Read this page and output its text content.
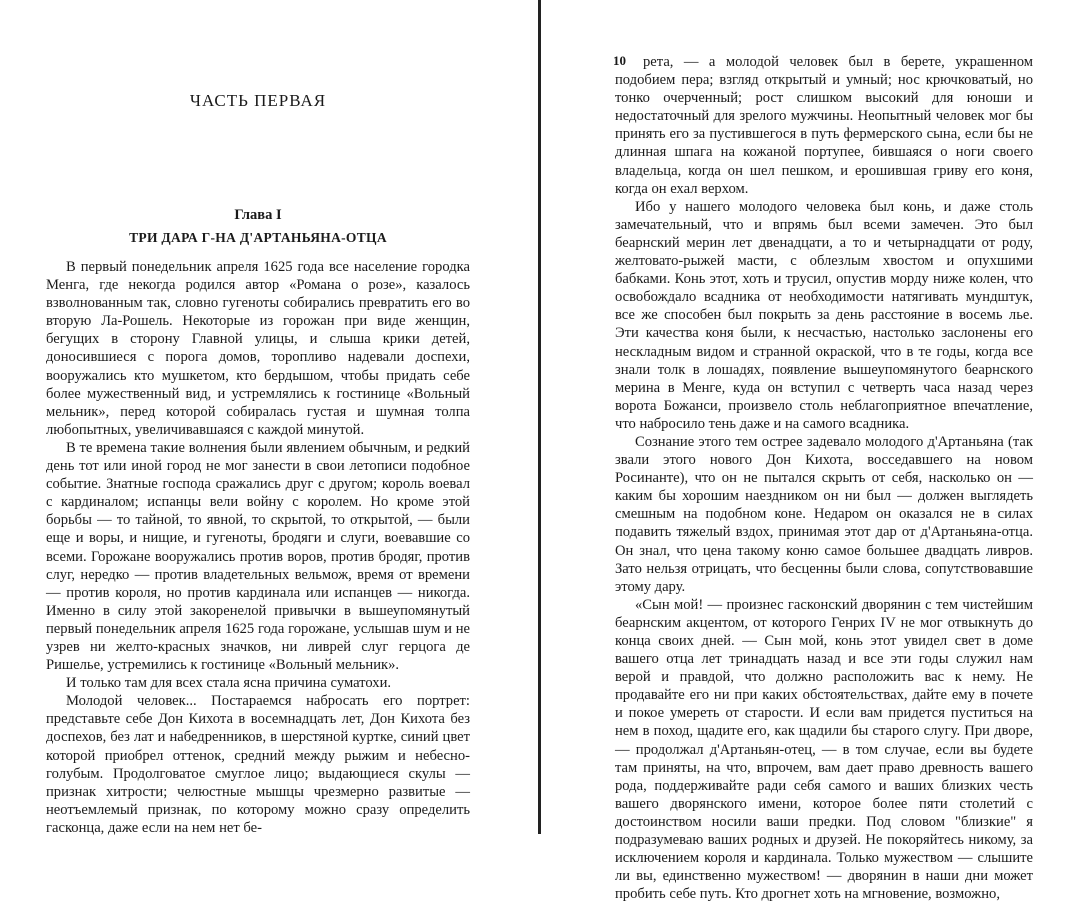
ЧАСТЬ ПЕРВАЯ
Глава I
ТРИ ДАРА Г-НА Д'АРТАНЬЯНА-ОТЦА

В первый понедельник апреля 1625 года все население городка Менга, где некогда родился автор «Романа о розе», казалось взволнованным так, словно гугеноты собирались превратить его во вторую Ла-Рошель. Некоторые из горожан при виде женщин, бегущих в сторону Главной улицы, и слыша крики детей, доносившиеся с порога домов, торопливо надевали доспехи, вооружались кто мушкетом, кто бердышом, чтобы придать себе более мужественный вид, и устремлялись к гостинице «Вольный мельник», перед которой собиралась густая и шумная толпа любопытных, увеличивавшаяся с каждой минутой.

В те времена такие волнения были явлением обычным, и редкий день тот или иной город не мог занести в свои летописи подобное событие. Знатные господа сражались друг с другом; король воевал с кардиналом; испанцы вели войну с королем. Но кроме этой борьбы — то тайной, то явной, то скрытой, то открытой, — были еще и воры, и нищие, и гугеноты, бродяги и слуги, воевавшие со всеми. Горожане вооружались против воров, против бродяг, против слуг, нередко — против владетельных вельмож, время от времени — против короля, но против кардинала или испанцев — никогда. Именно в силу этой закоренелой привычки в вышеупомянутый первый понедельник апреля 1625 года горожане, услышав шум и не узрев ни желто-красных значков, ни ливрей слуг герцога де Ришелье, устремились к гостинице «Вольный мельник».

И только там для всех стала ясна причина суматохи.

Молодой человек... Постараемся набросать его портрет: представьте себе Дон Кихота в восемнадцать лет, Дон Кихота без доспехов, без лат и набедренников, в шерстяной куртке, синий цвет которой приобрел оттенок, средний между рыжим и небесно-голубым. Продолговатое смуглое лицо; выдающиеся скулы — признак хитрости; челюстные мышцы чрезмерно развитые — неотъемлемый признак, по которому можно сразу определить гасконца, даже если на нем нет бе-

10	рета, — а молодой человек был в берете, украшенном подобием пера; взгляд открытый и умный; нос крючковатый, но тонко очерченный; рост слишком высокий для юноши и недостаточный для зрелого мужчины. Неопытный человек мог бы принять его за пустившегося в путь фермерского сына, если бы не длинная шпага на кожаной портупее, бившаяся о ноги своего владельца, когда он шел пешком, и ерошившая гриву его коня, когда он ехал верхом.

Ибо у нашего молодого человека был конь, и даже столь замечательный, что и впрямь был всеми замечен. Это был беарнский мерин лет двенадцати, а то и четырнадцати от роду, желтовато-рыжей масти, с облезлым хвостом и опухшими бабками. Конь этот, хоть и трусил, опустив морду ниже колен, что освобождало всадника от необходимости натягивать мундштук, все же способен был покрыть за день расстояние в восемь лье. Эти качества коня были, к несчастью, настолько заслонены его нескладным видом и странной окраской, что в те годы, когда все знали толк в лошадях, появление вышеупомянутого беарнского мерина в Менге, куда он вступил с четверть часа назад через ворота Божанси, произвело столь неблагоприятное впечатление, что набросило тень даже и на самого всадника.

Сознание этого тем острее задевало молодого д'Артаньяна (так звали этого нового Дон Кихота, восседавшего на новом Росинанте), что он не пытался скрыть от себя, насколько он — каким бы хорошим наездником он ни был — должен выглядеть смешным на подобном коне. Недаром он оказался не в силах подавить тяжелый вздох, принимая этот дар от д'Артаньяна-отца. Он знал, что цена такому коню самое большее двадцать ливров. Зато нельзя отрицать, что бесценны были слова, сопутствовавшие этому дару.

«Сын мой! — произнес гасконский дворянин с тем чистейшим беарнским акцентом, от которого Генрих IV не мог отвыкнуть до конца своих дней. — Сын мой, конь этот увидел свет в доме вашего отца лет тринадцать назад и все эти годы служил нам верой и правдой, что должно расположить вас к нему. Не продавайте его ни при каких обстоятельствах, дайте ему в почете и покое умереть от старости. И если вам придется пуститься на нем в поход, щадите его, как щадили бы старого слугу. При дворе, — продолжал д'Артаньян-отец, — в том случае, если вы будете там приняты, на что, впрочем, вам дает право древность вашего рода, поддерживайте ради себя самого и ваших близких честь вашего дворянского имени, которое более пяти столетий с достоинством носили ваши предки. Под словом "близкие" я подразумеваю ваших родных и друзей. Не покоряйтесь никому, за исключением короля и кардинала. Только мужеством — слышите ли вы, единственно мужеством! — дворянин в наши дни может пробить себе путь. Кто дрогнет хоть на мгновение, возможно,
